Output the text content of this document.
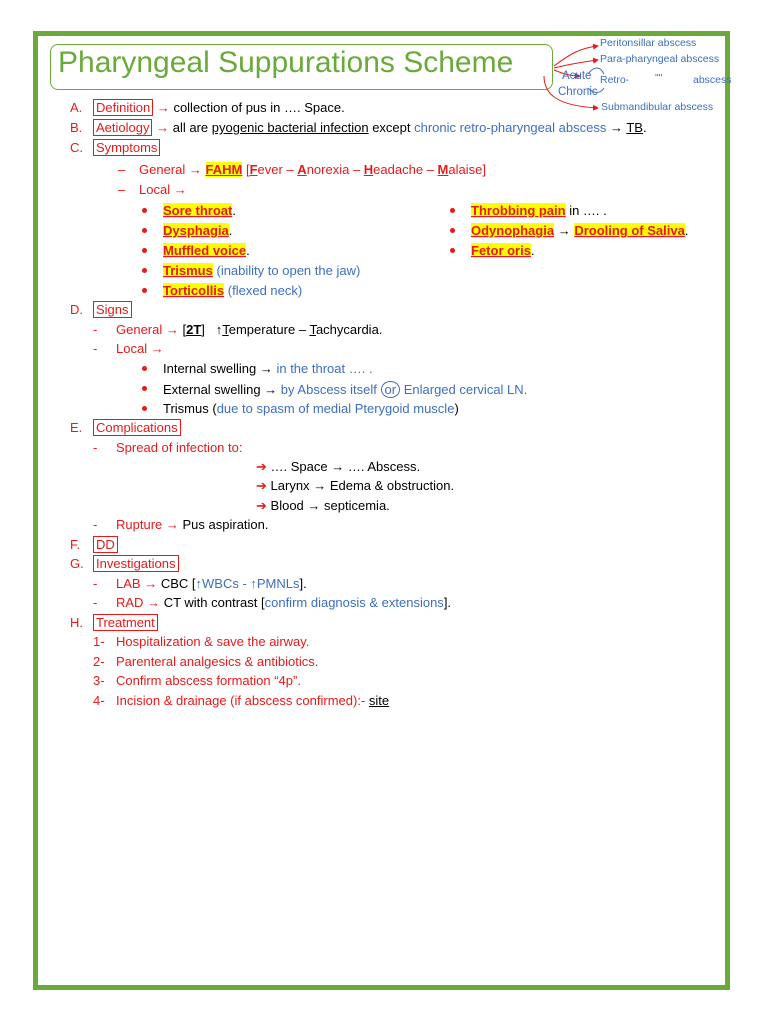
Pharyngeal Suppurations Scheme
Peritonsillar abscess
Para-pharyngeal abscess
Acute Retro- ""	abscess
Chronic
Submandibular abscess
A. Definition → collection of pus in …. Space.
B. Aetiology → all are pyogenic bacterial infection except chronic retro-pharyngeal abscess → TB.
C. Symptoms
– General → FAHM [Fever – Anorexia – Headache – Malaise]
– Local →
Sore throat.
Dysphagia.
Muffled voice.
Trismus (inability to open the jaw)
Torticollis (flexed neck)
Throbbing pain in …. .
Odynophagia → Drooling of Saliva.
Fetor oris.
D. Signs
- General → [2T]   ↑Temperature – Tachycardia.
- Local →
Internal swelling → in the throat …. .
External swelling → by Abscess itself or Enlarged cervical LN.
Trismus (due to spasm of medial Pterygoid muscle)
E. Complications
- Spread of infection to:
➔ …. Space → …. Abscess.
➔ Larynx → Edema & obstruction.
➔ Blood → septicemia.
- Rupture → Pus aspiration.
F. DD
G. Investigations
- LAB → CBC [↑WBCs - ↑PMNLs].
- RAD → CT with contrast [confirm diagnosis & extensions].
H. Treatment
1- Hospitalization & save the airway.
2- Parenteral analgesics & antibiotics.
3- Confirm abscess formation “4p”.
4- Incision & drainage (if abscess confirmed):- site
